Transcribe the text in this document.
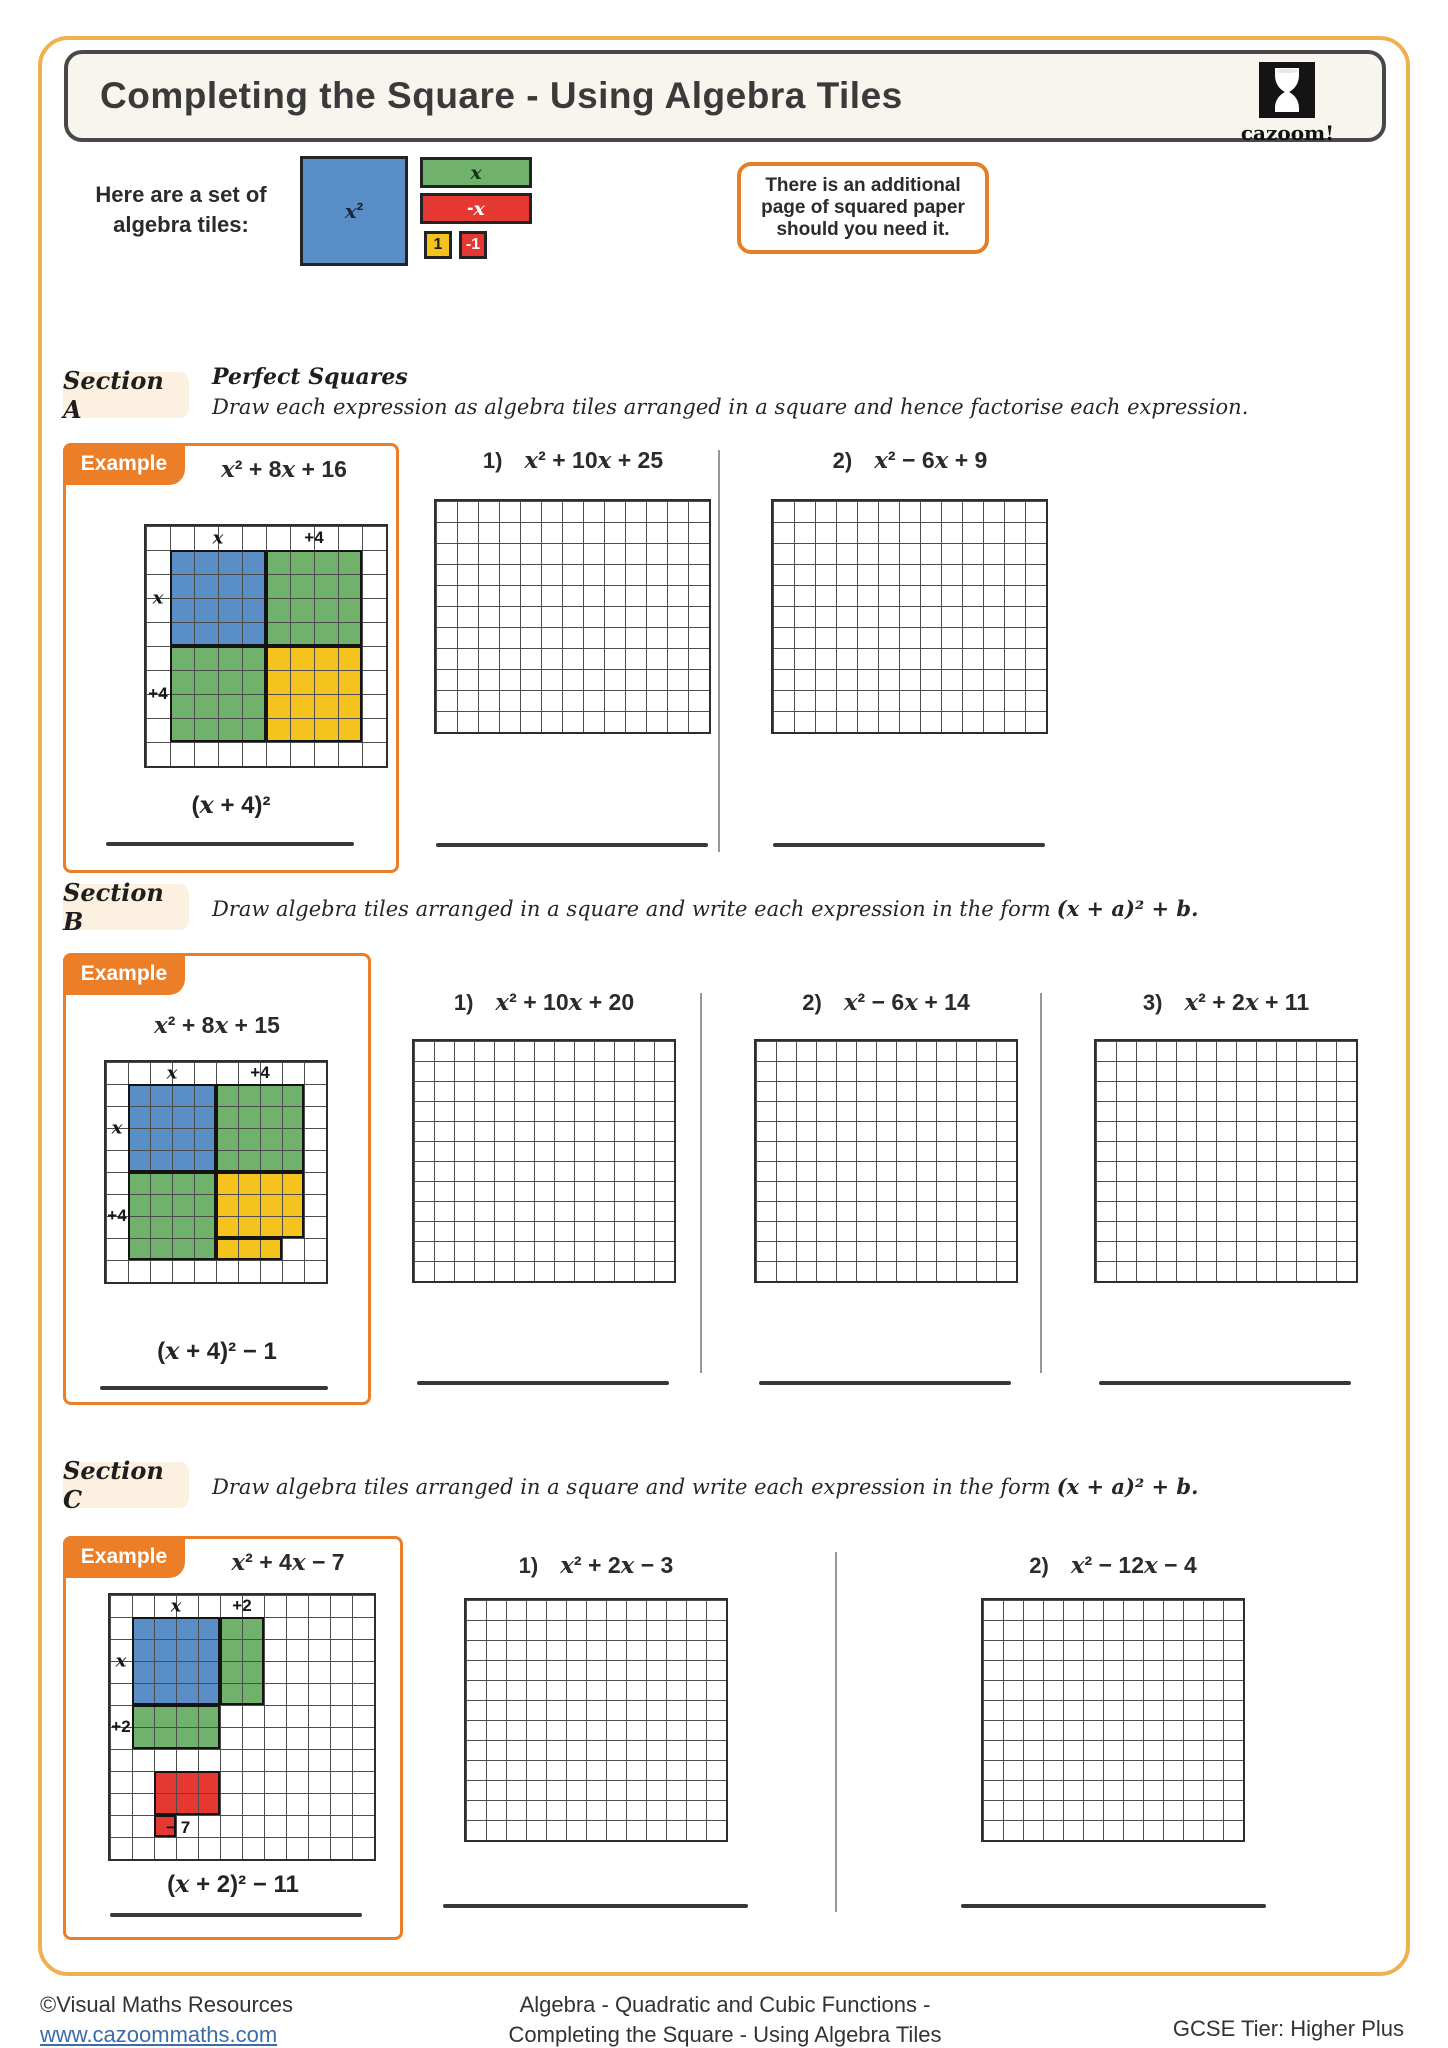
Completing the Square - Using Algebra Tiles
cazoom!
Here are a set of algebra tiles:
x ²
x
- x
1	-1
There is an additional page of squared paper should you need it.
Section A
Perfect Squares
Draw each expression as algebra tiles arranged in a square and hence factorise each expression.
Example	x² + 8x + 16
x	+4
x
+4
(x + 4)²
1) x² + 10x + 25	2) x² − 6x + 9
Section B	Draw algebra tiles arranged in a square and write each expression in the form (x + a)² + b.
Example
x² + 8x + 15
x	+4
x
+4
(x + 4)² − 1
1) x² + 10x + 20	2) x² − 6x + 14	3) x² + 2x + 11
Section C	Draw algebra tiles arranged in a square and write each expression in the form (x + a)² + b.
Example	x² + 4x − 7
x	+2
x
+2
− 7
(x + 2)² − 11
1) x² + 2x − 3	2) x² − 12x − 4
©Visual Maths Resources
www.cazoommaths.com
Algebra - Quadratic and Cubic Functions -
Completing the Square - Using Algebra Tiles	GCSE Tier: Higher Plus
